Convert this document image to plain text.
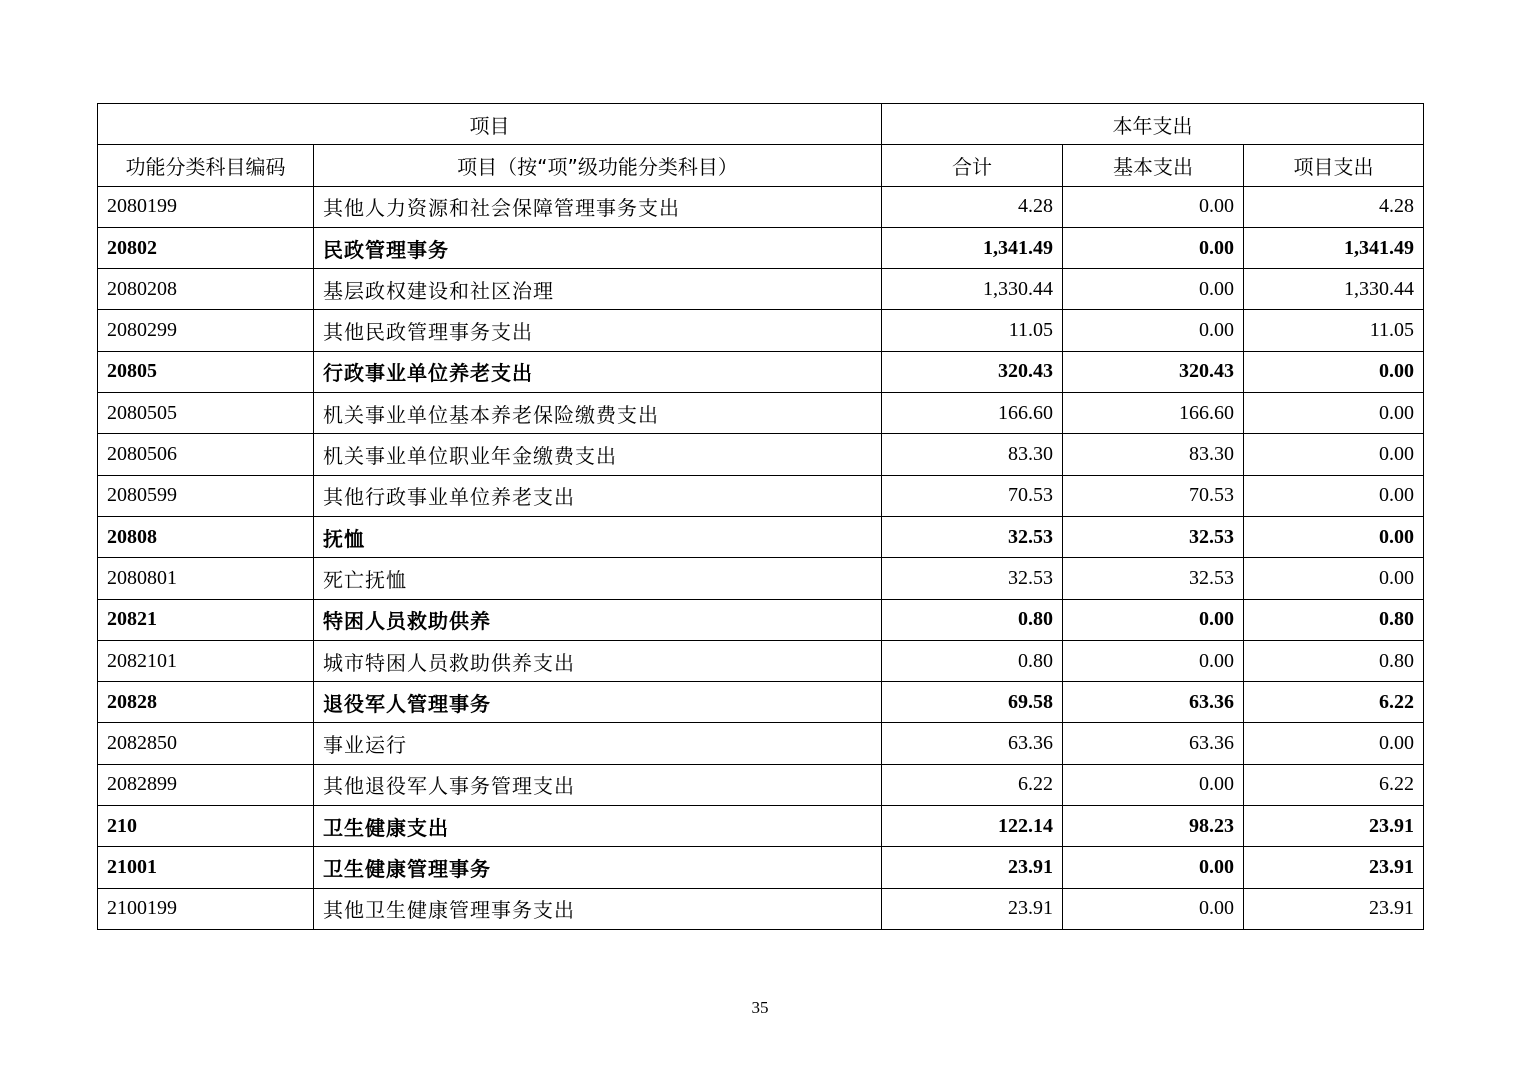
项目		本年支出		
功能分类科目编码	项目（按“项”级功能分类科目）	合计	基本支出	项目支出
2080199	其他人力资源和社会保障管理事务支出	4.28	0.00	4.28
20802	民政管理事务	1,341.49	0.00	1,341.49
2080208	基层政权建设和社区治理	1,330.44	0.00	1,330.44
2080299	其他民政管理事务支出	11.05	0.00	11.05
20805	行政事业单位养老支出	320.43	320.43	0.00
2080505	机关事业单位基本养老保险缴费支出	166.60	166.60	0.00
2080506	机关事业单位职业年金缴费支出	83.30	83.30	0.00
2080599	其他行政事业单位养老支出	70.53	70.53	0.00
20808	抚恤	32.53	32.53	0.00
2080801	死亡抚恤	32.53	32.53	0.00
20821	特困人员救助供养	0.80	0.00	0.80
2082101	城市特困人员救助供养支出	0.80	0.00	0.80
20828	退役军人管理事务	69.58	63.36	6.22
2082850	事业运行	63.36	63.36	0.00
2082899	其他退役军人事务管理支出	6.22	0.00	6.22
210	卫生健康支出	122.14	98.23	23.91
21001	卫生健康管理事务	23.91	0.00	23.91
2100199	其他卫生健康管理事务支出	23.91	0.00	23.91
35
